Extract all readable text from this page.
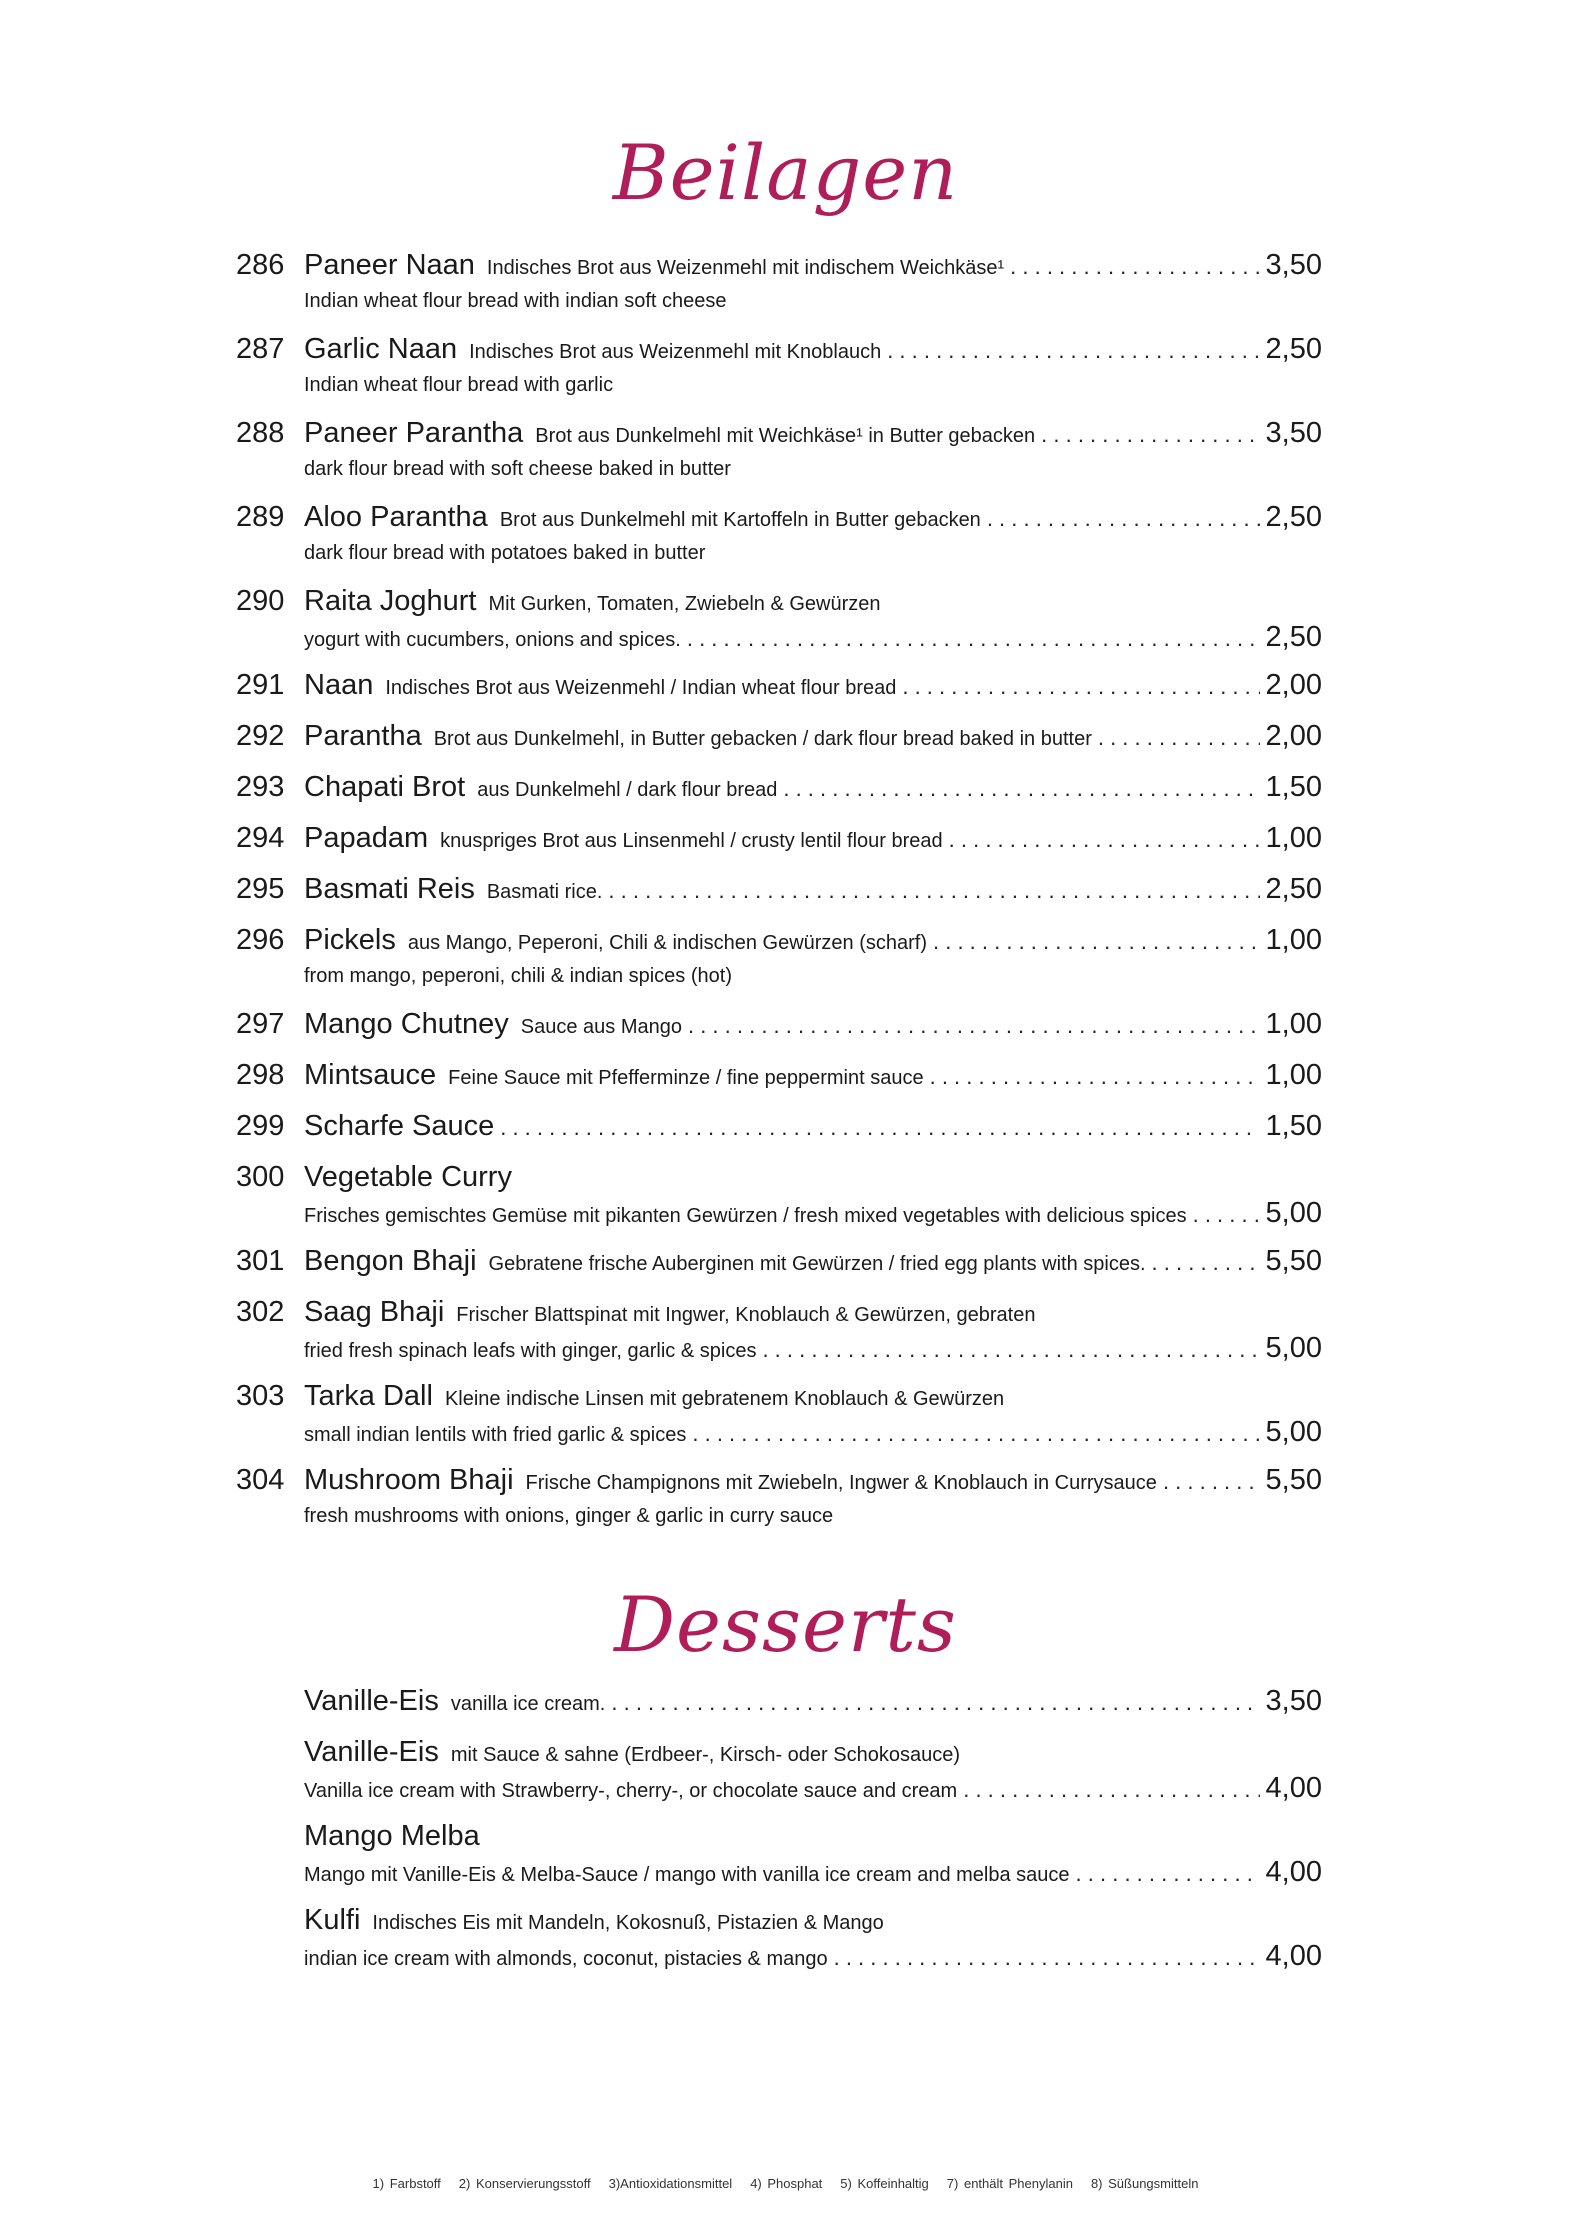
Beilagen
286 Paneer Naan Indisches Brot aus Weizenmehl mit indischem Weichkäse¹ . . .	3,50
Indian wheat flour bread with indian soft cheese
287 Garlic Naan Indisches Brot aus Weizenmehl mit Knoblauch . . .	2,50
Indian wheat flour bread with garlic
288 Paneer Parantha Brot aus Dunkelmehl mit Weichkäse¹ in Butter gebacken . . .	3,50
dark flour bread with soft cheese baked in butter
289 Aloo Parantha Brot aus Dunkelmehl mit Kartoffeln in Butter gebacken . . .	2,50
dark flour bread with potatoes baked in butter
290 Raita Joghurt Mit Gurken, Tomaten, Zwiebeln & Gewürzen
yogurt with cucumbers, onions and spices. . . .	2,50
291 Naan Indisches Brot aus Weizenmehl / Indian wheat flour bread . . .	2,00
292 Parantha Brot aus Dunkelmehl, in Butter gebacken / dark flour bread baked in butter . . .	2,00
293 Chapati Brot aus Dunkelmehl / dark flour bread . . .	1,50
294 Papadam knuspriges Brot aus Linsenmehl / crusty lentil flour bread . . .	1,00
295 Basmati Reis Basmati rice. . . .	2,50
296 Pickels aus Mango, Peperoni, Chili & indischen Gewürzen (scharf) . . .	1,00
from mango, peperoni, chili & indian spices (hot)
297 Mango Chutney Sauce aus Mango . . .	1,00
298 Mintsauce Feine Sauce mit Pfefferminze / fine peppermint sauce . . .	1,00
299 Scharfe Sauce . . .	1,50
300 Vegetable Curry
Frisches gemischtes Gemüse mit pikanten Gewürzen / fresh mixed vegetables with delicious spices . . .	5,00
301 Bengon Bhaji Gebratene frische Auberginen mit Gewürzen / fried egg plants with spices. . . .	5,50
302 Saag Bhaji Frischer Blattspinat mit Ingwer, Knoblauch & Gewürzen, gebraten
fried fresh spinach leafs with ginger, garlic & spices . . .	5,00
303 Tarka Dall Kleine indische Linsen mit gebratenem Knoblauch & Gewürzen
small indian lentils with fried garlic & spices . . .	5,00
304 Mushroom Bhaji Frische Champignons mit Zwiebeln, Ingwer & Knoblauch in Currysauce . . .	5,50
fresh mushrooms with onions, ginger & garlic in curry sauce
Desserts
Vanille-Eis vanilla ice cream. . . .	3,50
Vanille-Eis mit Sauce & sahne (Erdbeer-, Kirsch- oder Schokosauce)
Vanilla ice cream with Strawberry-, cherry-, or chocolate sauce and cream . . .	4,00
Mango Melba
Mango mit Vanille-Eis & Melba-Sauce / mango with vanilla ice cream and melba sauce . . .	4,00
Kulfi Indisches Eis mit Mandeln, Kokosnuß, Pistazien & Mango
indian ice cream with almonds, coconut, pistacies & mango . . .	4,00
1) Farbstoff 2) Konservierungsstoff 3)Antioxidationsmittel 4) Phosphat 5) Koffeinhaltig 7) enthält Phenylanin 8) Süßungsmitteln
